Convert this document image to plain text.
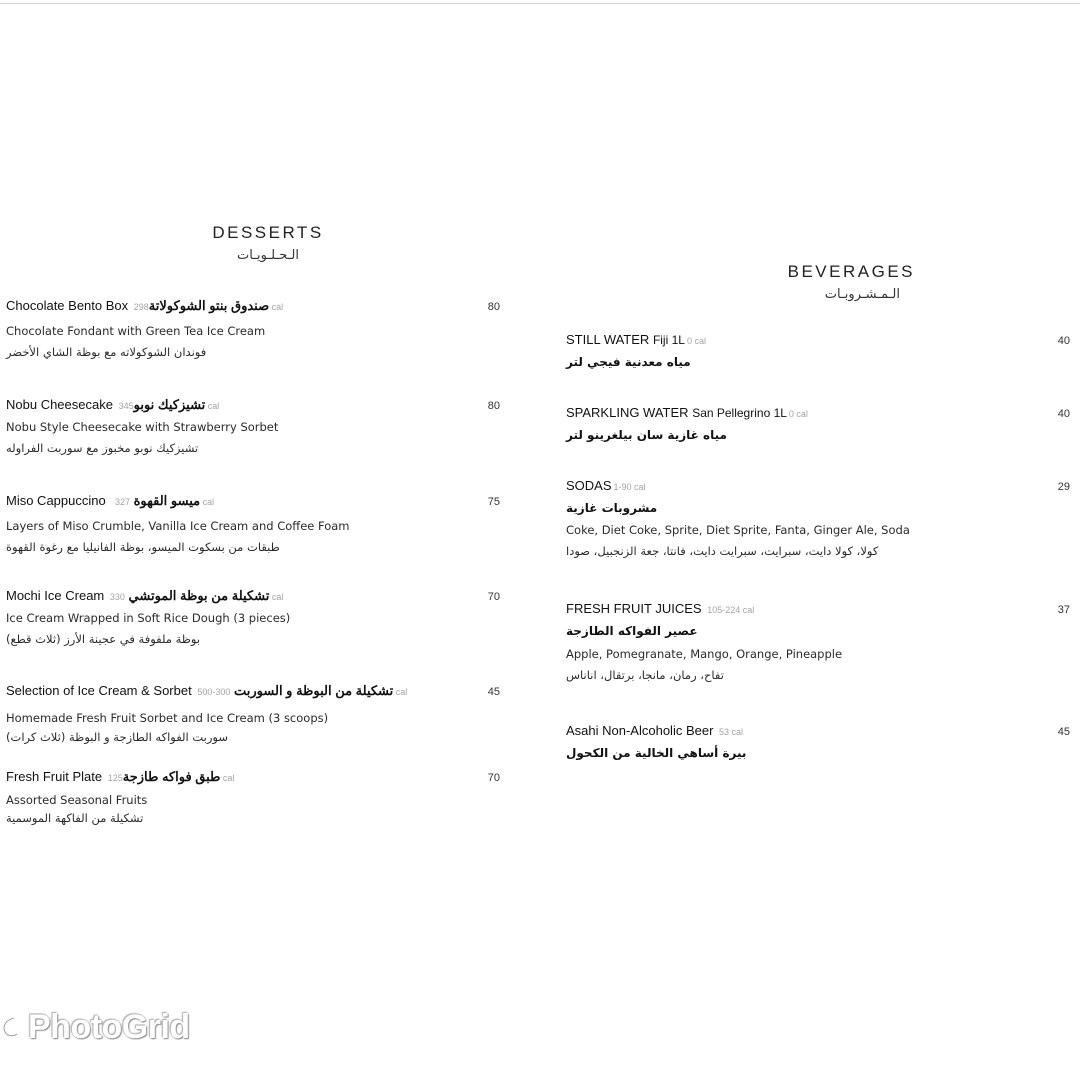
DESSERTS
الـحـلـويـات
Chocolate Bento Box صندوق بنتو الشوكولاتة298 cal	80
Chocolate Fondant with Green Tea Ice Cream
فوندان الشوكولاته مع بوظة الشاي الأخضر
Nobu Cheesecake تشيزكيك نوبو345 cal	80
Nobu Style Cheesecake with Strawberry Sorbet
تشيزكيك نوبو مخبوز مع سوربت الفراوله
Miso Cappuccino ميسو القهوة 327 cal	75
Layers of Miso Crumble, Vanilla Ice Cream and Coffee Foam
طبقات من بسكوت الميسو، بوظة الفانيليا مع رغوة القهوة
Mochi Ice Cream تشكيلة من بوظة الموتشي 330 cal	70
Ice Cream Wrapped in Soft Rice Dough (3 pieces)
بوظة ملفوفة في عجينة الأرز (ثلاث قطع)
Selection of Ice Cream & Sorbet	تشكيلة من البوظة و السوربت 300-500 cal	45
Homemade Fresh Fruit Sorbet and Ice Cream (3 scoops)
سوربت الفواكه الطازجة و البوظة (ثلاث كرات)
Fresh Fruit Plate طبق فواكه طازجة125 cal	70
Assorted Seasonal Fruits
تشكيلة من الفاكهة الموسمية
BEVERAGES
الـمـشـروبـات
STILL WATER Fiji 1L 0 cal	40
مياه معدنية فيجي لتر
SPARKLING WATER San Pellegrino 1L 0 cal	40
مياه غازية سان بيلغرينو لتر
SODAS 1-90 cal	29
مشروبات غازية
Coke, Diet Coke, Sprite, Diet Sprite, Fanta, Ginger Ale, Soda
كولا، كولا دايت، سبرايت، سبرايت دايت، فانتا، جعة الزنجبيل، صودا
FRESH FRUIT JUICES 105-224 cal	37
عصير الفواكه الطازجة
Apple, Pomegranate, Mango, Orange, Pineapple
تفاح، رمان، مانجا، برتقال، اناناس
Asahi Non-Alcoholic Beer 53 cal	45
بيرة أساهي الخالية من الكحول
PhotoGrid
